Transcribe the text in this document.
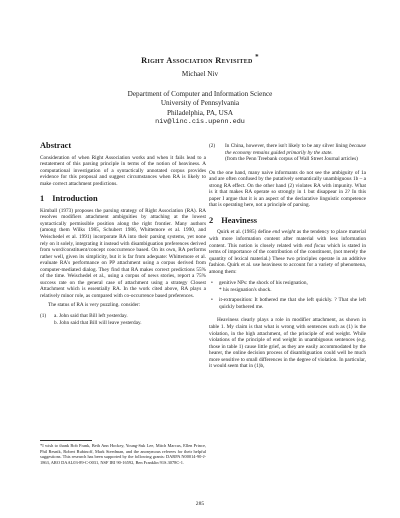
Right Association Revisited *
Michael Niv
Department of Computer and Information Science
University of Pennsylvania
Philadelphia, PA, USA
niv@linc.cis.upenn.edu
Abstract

Consideration of when Right Association works and when it fails lead to a restatement of this parsing principle in terms of the notion of heaviness. A computational investigation of a syntactically annotated corpus provides evidence for this proposal and suggest circumstances when RA is likely to make correct attachment predictions.

1 Introduction

Kimball (1973) proposes the parsing strategy of Right Association (RA). RA resolves modifiers attachment ambiguities by attaching at the lowest syntactically permissible position along the right frontier. Many authors (among them Wilks 1985, Schubert 1986, Whittemore et al. 1990, and Weischedel et al. 1991) incorporate RA into their parsing systems, yet none rely on it solely, integrating it instead with disambiguation preferences derived from word/constituent/concept cooccurrence based. On its own, RA performs rather well, given its simplicity, but it is far from adequate: Whittemore et al. evaluate RA's performance on PP attachment using a corpus derived from computer-mediated dialog. They find that RA makes correct predictions 55% of the time. Weischedel et al., using a corpus of news stories, report a 75% success rate on the general case of attachment using a strategy Closest Attachment which is essentially RA. In the work cited above, RA plays a relatively minor role, as compared with co-occurrence based preferences.

The status of RA is very puzzling. consider:

(1) a. John said that Bill left yesterday.
b. John said that Bill will leave yesterday.
*I wish to thank Bob Frank, Beth Ann Hockey, Young-Suk Lee, Mitch Marcus, Ellen Prince, Phil Resnik, Robert Rubinoff, Mark Steedman, and the anonymous referees for their helpful suggestions. This research has been supported by the following grants: DARPA N00014-90-J-1863, ARO DAAL03-89-C-0031, NSF IRI 90-16592, Ben Franklin 91S.3078C-1.
(2) In China, however, there isn't likely to be any silver lining because the economy remains guided primarily by the state.
(from the Penn Treebank corpus of Wall Street Journal articles)

On the one hand, many naive informants do not see the ambiguity of 1a and are often confused by the putatively semantically unambiguous 1b – a strong RA effect. On the other hand (2) violates RA with impunity. What is it that makes RA operate so strongly in 1 but disappear in 2? In this paper I argue that it is an aspect of the declarative linguistic competence that is operating here, not a principle of parsing.

2 Heaviness

Quirk et al. (1985) define end weight as the tendency to place material with more information content after material with less information content. This notion is closely related with end focus which is stated in terms of importance of the contribution of the constituent, (not merely the quantity of lexical material.) These two principles operate in an additive fashion. Quirk et al. use heaviness to account for a variety of phenomena, among them:

• genitive NPs: the shock of his resignation,
* his resignation's shock.
• it-extraposition: It bothered me that she left quickly. ? That she left quickly bothered me.

Heaviness clearly plays a role in modifier attachment, as shown in table 1. My claim is that what is wrong with sentences such as (1) is the violation, in the high attachment, of the principle of end weight. While violations of the principle of end weight in unambiguous sentences (e.g. those in table 1) cause little grief, as they are easily accommodated by the hearer, the online decision process of disambiguation could well be much more sensitive to small differences in the degree of violation. In particular, it would seem that in (1)b,

285
